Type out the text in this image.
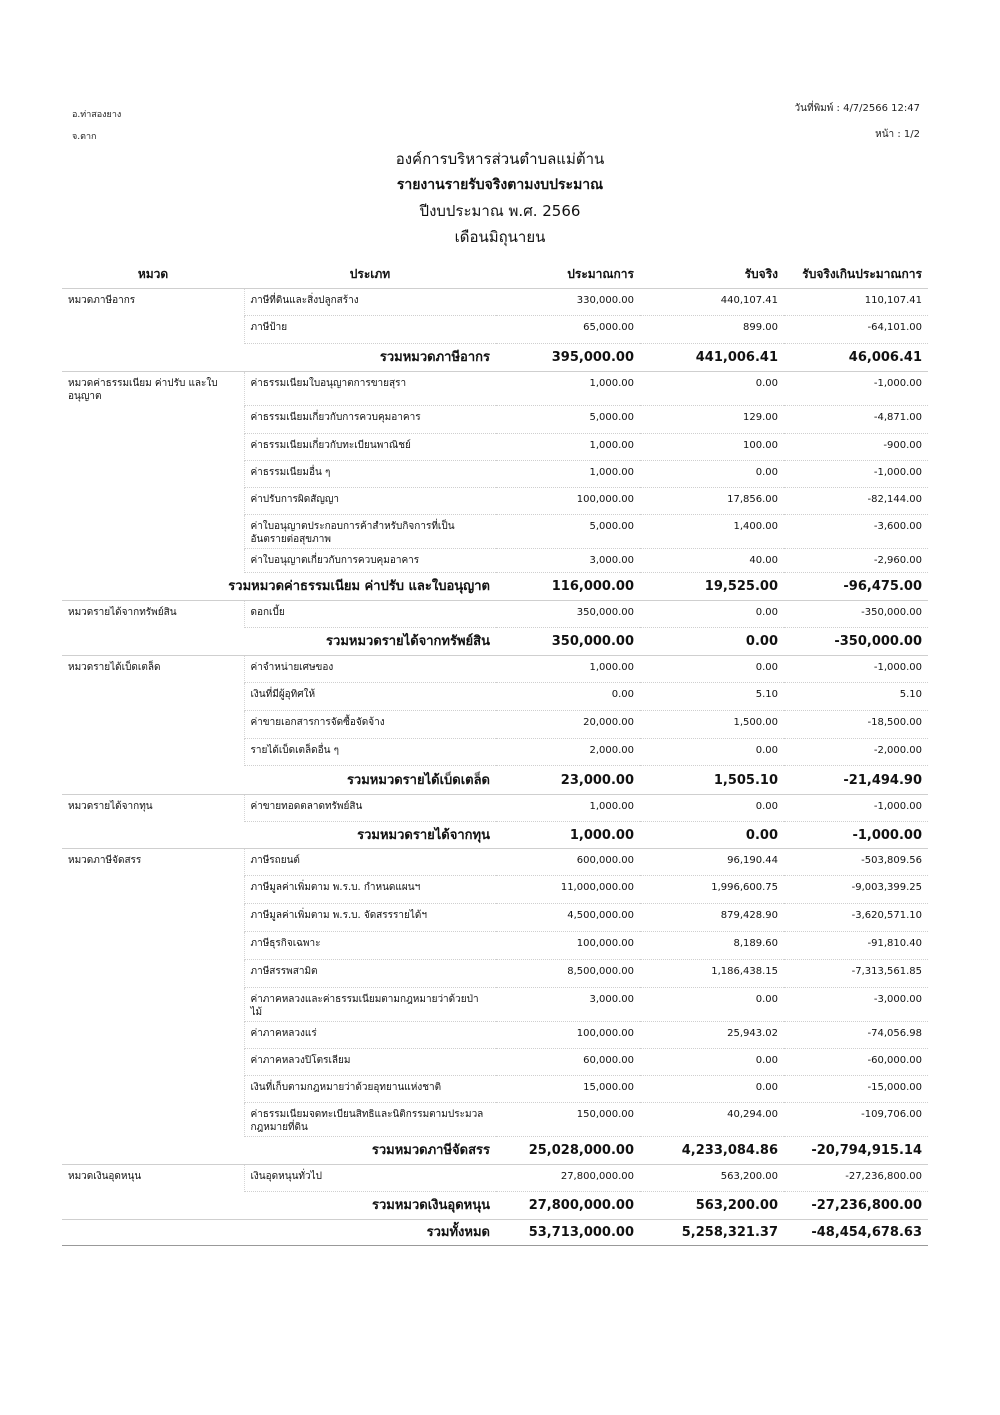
อ.ท่าสองยาง
จ.ตาก
วันที่พิมพ์ : 4/7/2566 12:47
หน้า : 1/2
องค์การบริหารส่วนตำบลแม่ต้าน
รายงานรายรับจริงตามงบประมาณ
ปีงบประมาณ พ.ศ. 2566
เดือนมิถุนายน
หมวด	ประเภท	ประมาณการ	รับจริง	รับจริงเกินประมาณการ
หมวดภาษีอากร	ภาษีที่ดินและสิ่งปลูกสร้าง	330,000.00	440,107.41	110,107.41
	ภาษีป้าย	65,000.00	899.00	-64,101.00
รวมหมวดภาษีอากร		395,000.00	441,006.41	46,006.41
หมวดค่าธรรมเนียม ค่าปรับ และใบอนุญาต	ค่าธรรมเนียมใบอนุญาตการขายสุรา	1,000.00	0.00	-1,000.00
	ค่าธรรมเนียมเกี่ยวกับการควบคุมอาคาร	5,000.00	129.00	-4,871.00
	ค่าธรรมเนียมเกี่ยวกับทะเบียนพาณิชย์	1,000.00	100.00	-900.00
	ค่าธรรมเนียมอื่น ๆ	1,000.00	0.00	-1,000.00
	ค่าปรับการผิดสัญญา	100,000.00	17,856.00	-82,144.00
	ค่าใบอนุญาตประกอบการค้าสำหรับกิจการที่เป็นอันตรายต่อสุขภาพ	5,000.00	1,400.00	-3,600.00
	ค่าใบอนุญาตเกี่ยวกับการควบคุมอาคาร	3,000.00	40.00	-2,960.00
รวมหมวดค่าธรรมเนียม ค่าปรับ และใบอนุญาต		116,000.00	19,525.00	-96,475.00
หมวดรายได้จากทรัพย์สิน	ดอกเบี้ย	350,000.00	0.00	-350,000.00
รวมหมวดรายได้จากทรัพย์สิน		350,000.00	0.00	-350,000.00
หมวดรายได้เบ็ดเตล็ด	ค่าจำหน่ายเศษของ	1,000.00	0.00	-1,000.00
	เงินที่มีผู้อุทิศให้	0.00	5.10	5.10
	ค่าขายเอกสารการจัดซื้อจัดจ้าง	20,000.00	1,500.00	-18,500.00
	รายได้เบ็ดเตล็ดอื่น ๆ	2,000.00	0.00	-2,000.00
รวมหมวดรายได้เบ็ดเตล็ด		23,000.00	1,505.10	-21,494.90
หมวดรายได้จากทุน	ค่าขายทอดตลาดทรัพย์สิน	1,000.00	0.00	-1,000.00
รวมหมวดรายได้จากทุน		1,000.00	0.00	-1,000.00
หมวดภาษีจัดสรร	ภาษีรถยนต์	600,000.00	96,190.44	-503,809.56
	ภาษีมูลค่าเพิ่มตาม พ.ร.บ. กำหนดแผนฯ	11,000,000.00	1,996,600.75	-9,003,399.25
	ภาษีมูลค่าเพิ่มตาม พ.ร.บ. จัดสรรรายได้ฯ	4,500,000.00	879,428.90	-3,620,571.10
	ภาษีธุรกิจเฉพาะ	100,000.00	8,189.60	-91,810.40
	ภาษีสรรพสามิต	8,500,000.00	1,186,438.15	-7,313,561.85
	ค่าภาคหลวงและค่าธรรมเนียมตามกฎหมายว่าด้วยป่าไม้	3,000.00	0.00	-3,000.00
	ค่าภาคหลวงแร่	100,000.00	25,943.02	-74,056.98
	ค่าภาคหลวงปิโตรเลียม	60,000.00	0.00	-60,000.00
	เงินที่เก็บตามกฎหมายว่าด้วยอุทยานแห่งชาติ	15,000.00	0.00	-15,000.00
	ค่าธรรมเนียมจดทะเบียนสิทธิและนิติกรรมตามประมวลกฎหมายที่ดิน	150,000.00	40,294.00	-109,706.00
รวมหมวดภาษีจัดสรร		25,028,000.00	4,233,084.86	-20,794,915.14
หมวดเงินอุดหนุน	เงินอุดหนุนทั่วไป	27,800,000.00	563,200.00	-27,236,800.00
รวมหมวดเงินอุดหนุน		27,800,000.00	563,200.00	-27,236,800.00
รวมทั้งหมด		53,713,000.00	5,258,321.37	-48,454,678.63
